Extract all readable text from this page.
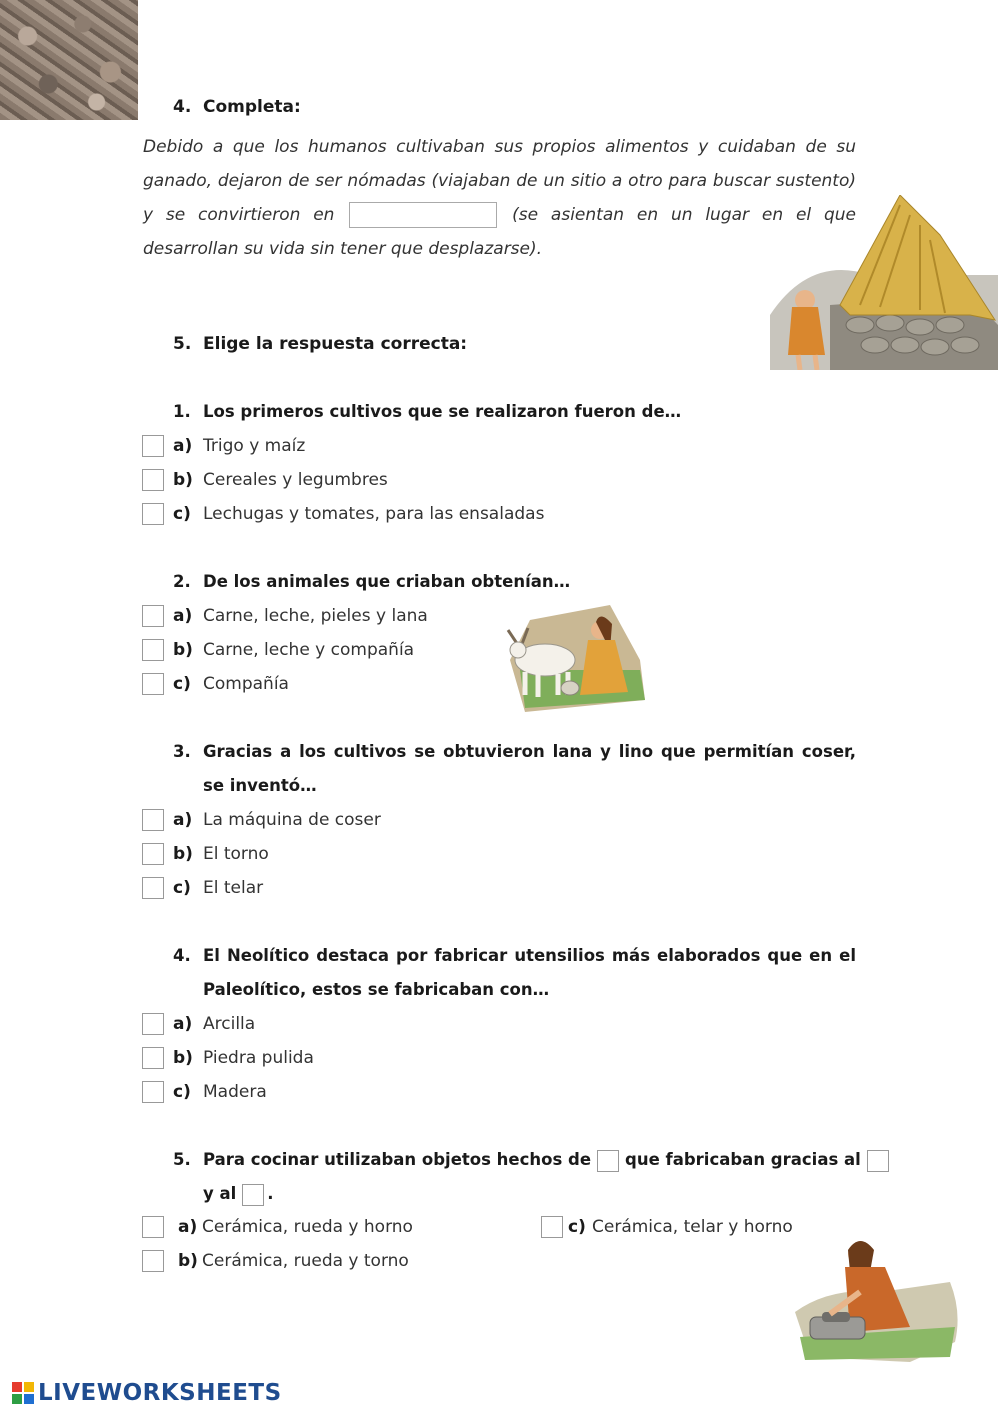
4. Completa:
Debido a que los humanos cultivaban sus propios alimentos y cuidaban de su ganado, dejaron de ser nómadas (viajaban de un sitio a otro para buscar sustento) y se convirtieron en	(se asientan en un lugar en el que desarrollan su vida sin tener que desplazarse).
5. Elige la respuesta correcta:
1. Los primeros cultivos que se realizaron fueron de…
a) Trigo y maíz
b) Cereales y legumbres
c) Lechugas y tomates, para las ensaladas
2. De los animales que criaban obtenían…
a) Carne, leche, pieles y lana
b) Carne, leche y compañía
c) Compañía
3. Gracias a los cultivos se obtuvieron lana y lino que permitían coser, se inventó…
a) La máquina de coser
b) El torno
c) El telar
4. El Neolítico destaca por fabricar utensilios más elaborados que en el Paleolítico, estos se fabricaban con…
a) Arcilla
b) Piedra pulida
c) Madera
5. Para cocinar utilizaban objetos hechos de que fabricaban gracias al
y al .
a) Cerámica, rueda y horno
b) Cerámica, rueda y torno
c) Cerámica, telar y horno
LIVEWORKSHEETS
